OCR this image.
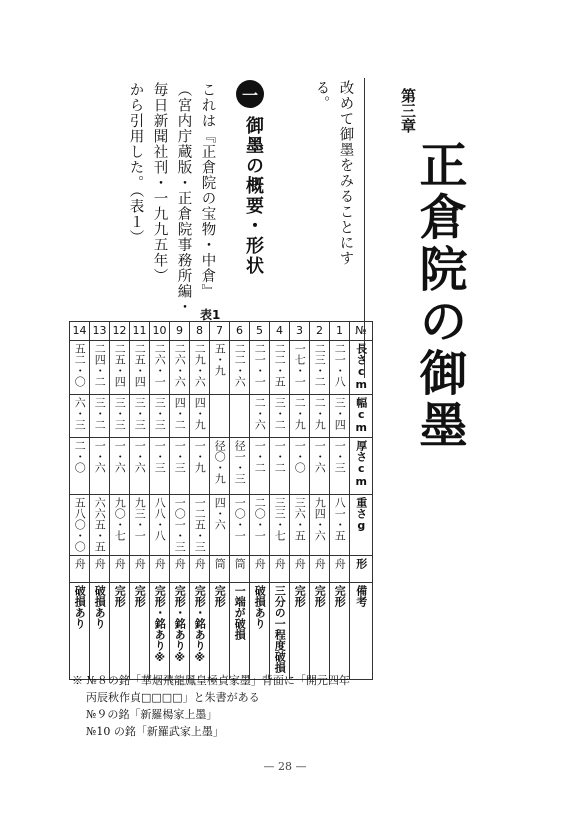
第三章
正倉院の御墨
改めて御墨をみることにす
る。
一
御墨の概要・形状
これは『正倉院の宝物・中倉』
（宮内庁蔵版・正倉院事務所編・
毎日新聞社刊・一九九五年）
から引用した。（表１）
表1
14	13	12	11	10	9	8	7	6	5	4	3	2	1	№
五二・〇	二四・二	二五・四	二五・四	二六・一	二六・六	二九・六	五・九	二二・六	二一・一	二二・五	一七・一	二三・二	二一・八	長さcm
六・三	三・二	三・三	三・三	三・三	四・二	四・九			二・六	三・二	二・九	二・九	三・四	幅cm
二・〇	一・六	一・六	一・六	一・三	一・三	一・九	径〇・九	径一・三	一・二	一・二	一・〇	一・六	一・三	厚さcm
五八〇・〇	六六五・五	九〇・七	九三・一	八八・八	一〇一・三	一二五・三	四・六	一〇・一	二〇・一	三三・七	三六・五	九四・六	八一・五	重さg
舟	舟	舟	舟	舟	舟	舟	筒	筒	舟	舟	舟	舟	舟	形
破損あり	破損あり	完形	完形	完形・銘あり※	完形・銘あり※	完形・銘あり※	完形	一端が破損	破損あり	三分の一程度破損	完形	完形	完形	備考
※ №８の銘「華烟飛龍鳳皇極貞家墨」背面に「開元四年
丙辰秋作貞□□□□」と朱書がある
№９の銘「新羅楊家上墨」
№10 の銘「新羅武家上墨」
— 28 —
